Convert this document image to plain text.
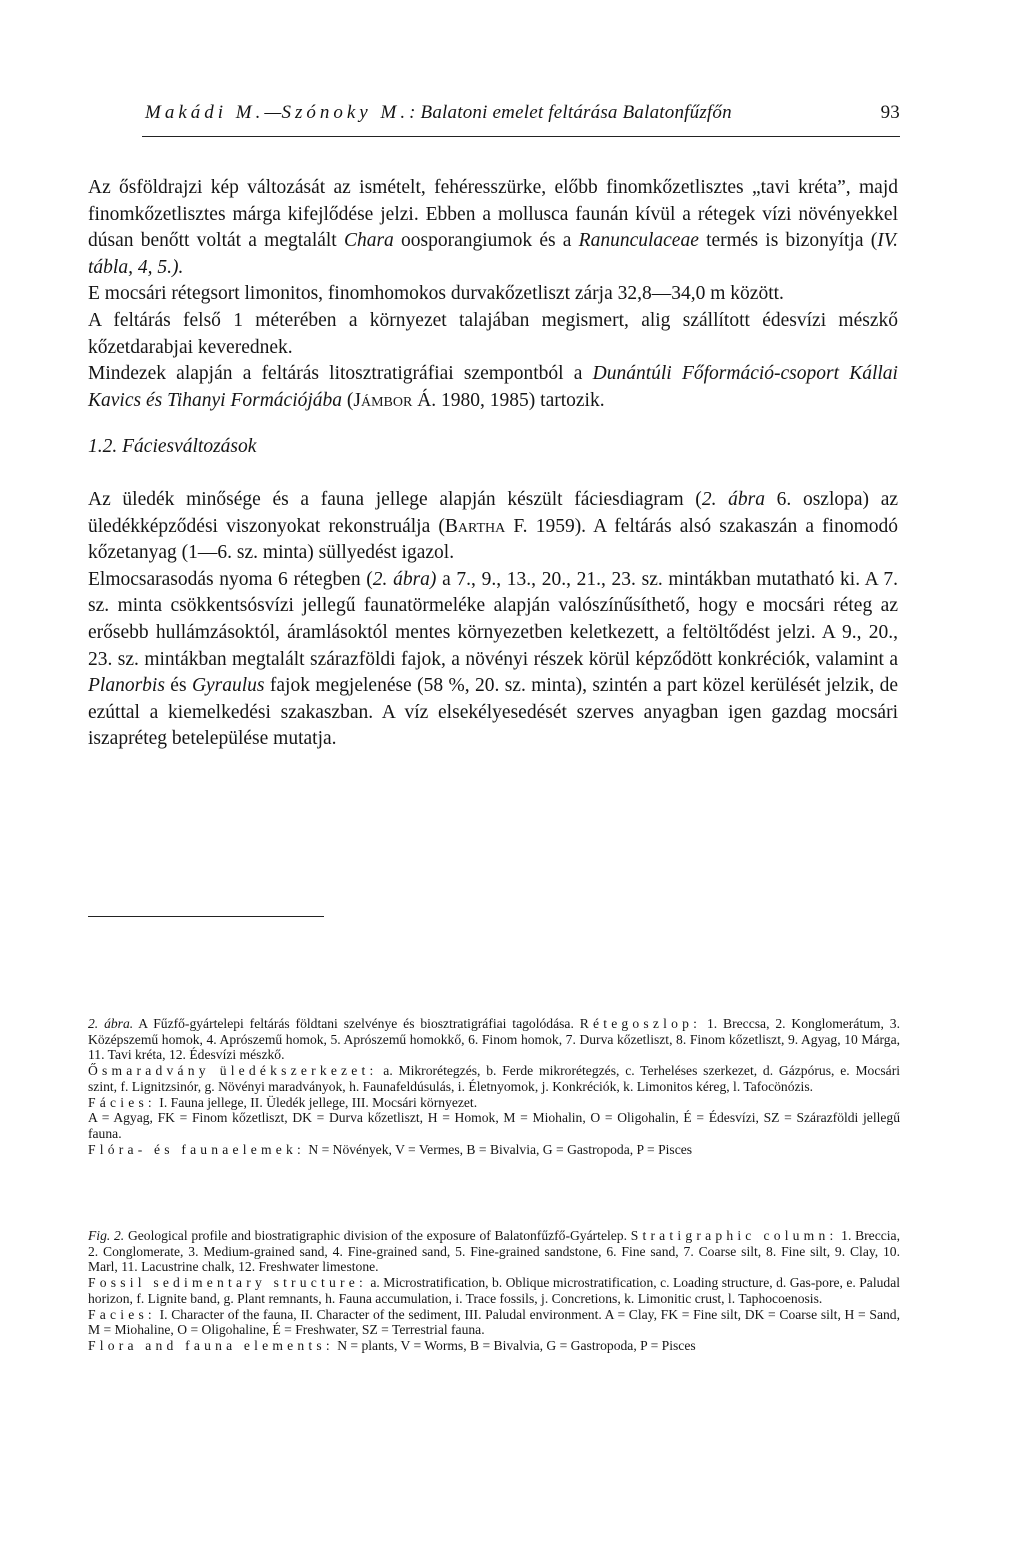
Makádi M.—Szónoky M.: Balatoni emelet feltárása Balatonfűzfőn	93

Az ősföldrajzi kép változását az ismételt, fehéresszürke, előbb finomkőzetlisztes „tavi kréta”, majd finomkőzetlisztes márga kifejlődése jelzi. Ebben a mollusca faunán kívül a rétegek vízi növényekkel dúsan benőtt voltát a megtalált Chara oosporangiumok és a Ranunculaceae termés is bizonyítja (IV. tábla, 4, 5.).

E mocsári rétegsort limonitos, finomhomokos durvakőzetliszt zárja 32,8—34,0 m között.

A feltárás felső 1 méterében a környezet talajában megismert, alig szállított édesvízi mészkő kőzetdarabjai keverednek.

Mindezek alapján a feltárás litosztratigráfiai szempontból a Dunántúli Főformáció-csoport Kállai Kavics és Tihanyi Formációjába (Jámbor Á. 1980, 1985) tartozik.

1.2. Fáciesváltozások

Az üledék minősége és a fauna jellege alapján készült fáciesdiagram (2. ábra 6. oszlopa) az üledékképződési viszonyokat rekonstruálja (Bartha F. 1959). A feltárás alsó szakaszán a finomodó kőzetanyag (1—6. sz. minta) süllyedést igazol.

Elmocsarasodás nyoma 6 rétegben (2. ábra) a 7., 9., 13., 20., 21., 23. sz. mintákban mutatható ki. A 7. sz. minta csökkentsósvízi jellegű faunatörmeléke alapján valószínűsíthető, hogy e mocsári réteg az erősebb hullámzásoktól, áramlásoktól mentes környezetben keletkezett, a feltöltődést jelzi. A 9., 20., 23. sz. mintákban megtalált szárazföldi fajok, a növényi részek körül képződött konkréciók, valamint a Planorbis és Gyraulus fajok megjelenése (58 %, 20. sz. minta), szintén a part közel kerülését jelzik, de ezúttal a kiemelkedési szakaszban. A víz elsekélyesedését szerves anyagban igen gazdag mocsári iszapréteg betelepülése mutatja.

2. ábra. A Fűzfő-gyártelepi feltárás földtani szelvénye és biosztratigráfiai tagolódása. Rétegoszlop: 1. Breccsa, 2. Konglomerátum, 3. Középszemű homok, 4. Aprószemű homok, 5. Aprószemű homokkő, 6. Finom homok, 7. Durva kőzetliszt, 8. Finom kőzetliszt, 9. Agyag, 10 Márga, 11. Tavi kréta, 12. Édesvízi mészkő.

Ősmaradvány üledékszerkezet: a. Mikrorétegzés, b. Ferde mikrorétegzés, c. Terheléses szerkezet, d. Gázpórus, e. Mocsári szint, f. Lignitzsinór, g. Növényi maradványok, h. Faunafeldúsulás, i. Életnyomok, j. Konkréciók, k. Limonitos kéreg, l. Tafocönózis.

Fácies: I. Fauna jellege, II. Üledék jellege, III. Mocsári környezet.

A = Agyag, FK = Finom kőzetliszt, DK = Durva kőzetliszt, H = Homok, M = Miohalin, O = Oligohalin, É = Édesvízi, SZ = Szárazföldi jellegű fauna.

Flóra- és faunaelemek: N = Növények, V = Vermes, B = Bivalvia, G = Gastropoda, P = Pisces

Fig. 2. Geological profile and biostratigraphic division of the exposure of Balatonfűzfő-Gyártelep. Stratigraphic column: 1. Breccia, 2. Conglomerate, 3. Medium-grained sand, 4. Fine-grained sand, 5. Fine-grained sandstone, 6. Fine sand, 7. Coarse silt, 8. Fine silt, 9. Clay, 10. Marl, 11. Lacustrine chalk, 12. Freshwater limestone.

Fossil sedimentary structure: a. Microstratification, b. Oblique microstratification, c. Loading structure, d. Gas-pore, e. Paludal horizon, f. Lignite band, g. Plant remnants, h. Fauna accumulation, i. Trace fossils, j. Concretions, k. Limonitic crust, l. Taphocoenosis.

Facies: I. Character of the fauna, II. Character of the sediment, III. Paludal environment. A = Clay, FK = Fine silt, DK = Coarse silt, H = Sand, M = Miohaline, O = Oligohaline, É = Freshwater, SZ = Terrestrial fauna.

Flora and fauna elements: N = plants, V = Worms, B = Bivalvia, G = Gastropoda, P = Pisces
